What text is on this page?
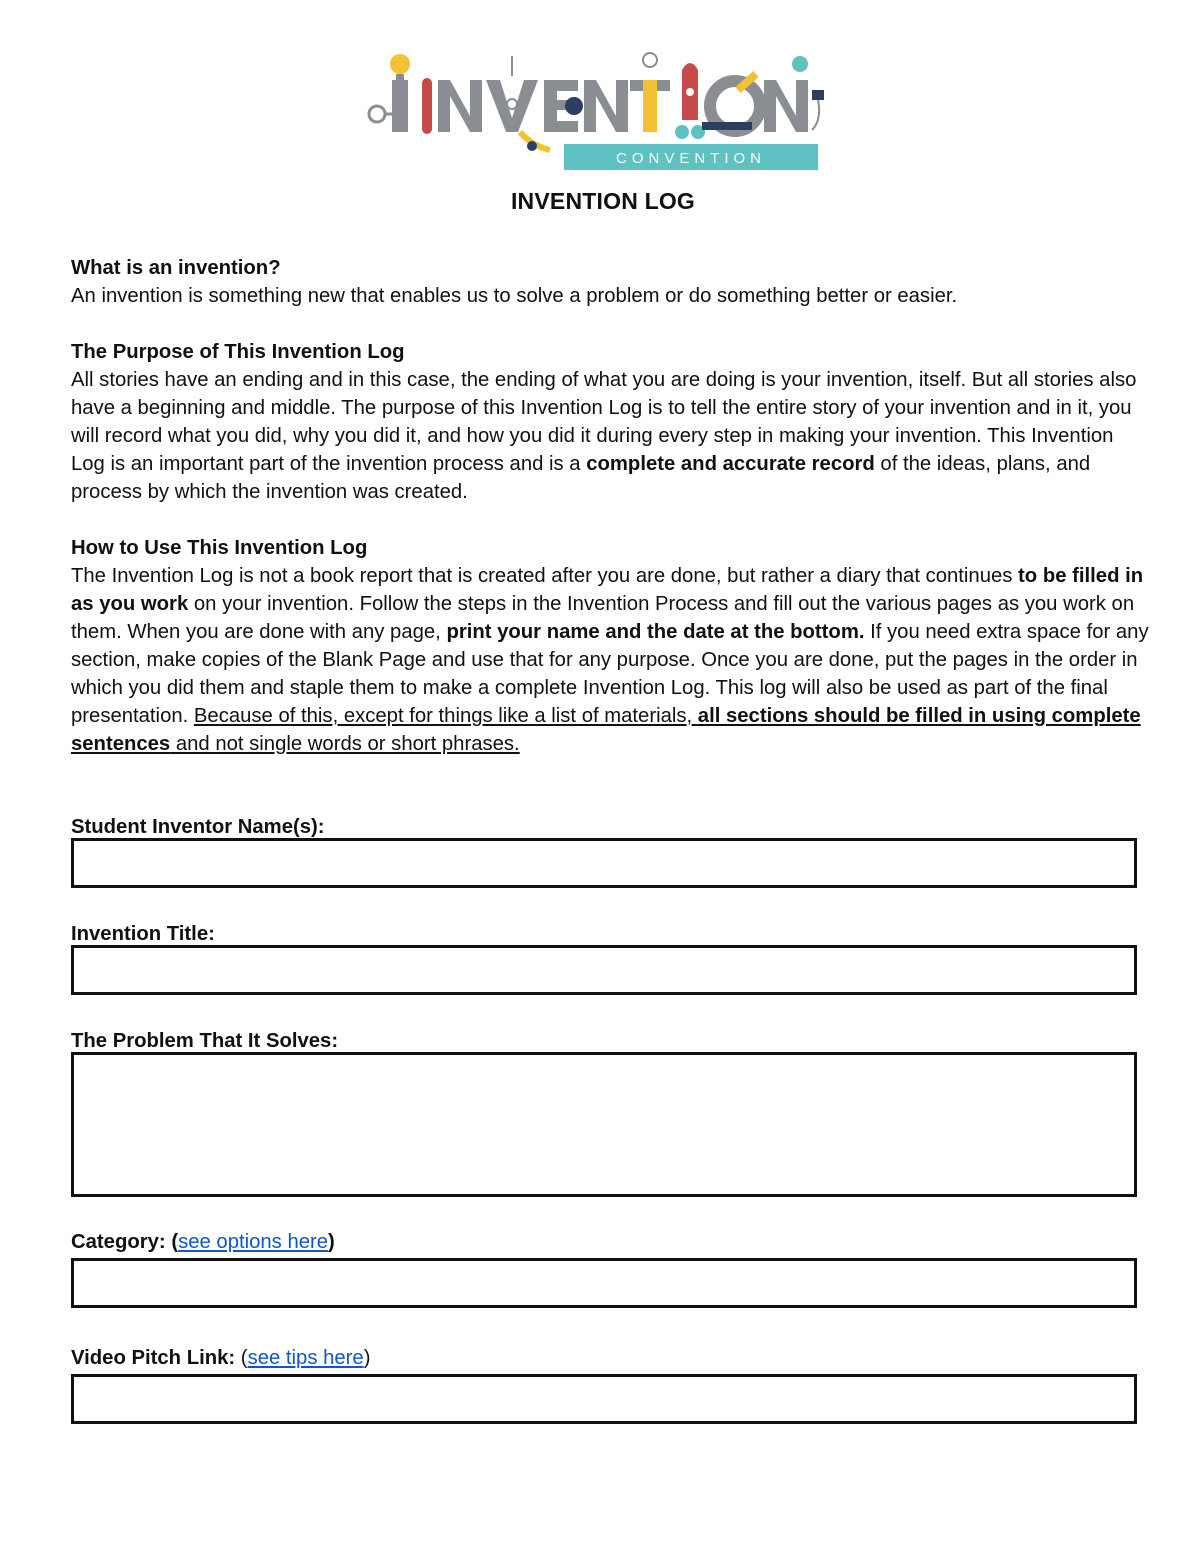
CONVENTION
INVENTION LOG

What is an invention?

An invention is something new that enables us to solve a problem or do something better or easier.

The Purpose of This Invention Log

All stories have an ending and in this case, the ending of what you are doing is your invention, itself. But all stories also have a beginning and middle. The purpose of this Invention Log is to tell the entire story of your invention and in it, you will record what you did, why you did it, and how you did it during every step in making your invention. This Invention Log is an important part of the invention process and is a complete and accurate record of the ideas, plans, and process by which the invention was created.

How to Use This Invention Log

The Invention Log is not a book report that is created after you are done, but rather a diary that continues to be filled in as you work on your invention. Follow the steps in the Invention Process and fill out the various pages as you work on them. When you are done with any page, print your name and the date at the bottom. If you need extra space for any section, make copies of the Blank Page and use that for any purpose. Once you are done, put the pages in the order in which you did them and staple them to make a complete Invention Log. This log will also be used as part of the final presentation. Because of this, except for things like a list of materials, all sections should be filled in using complete sentences and not single words or short phrases.

Student Inventor Name(s):
Invention Title:
The Problem That It Solves:
Category: (see options here)
Video Pitch Link: (see tips here)
